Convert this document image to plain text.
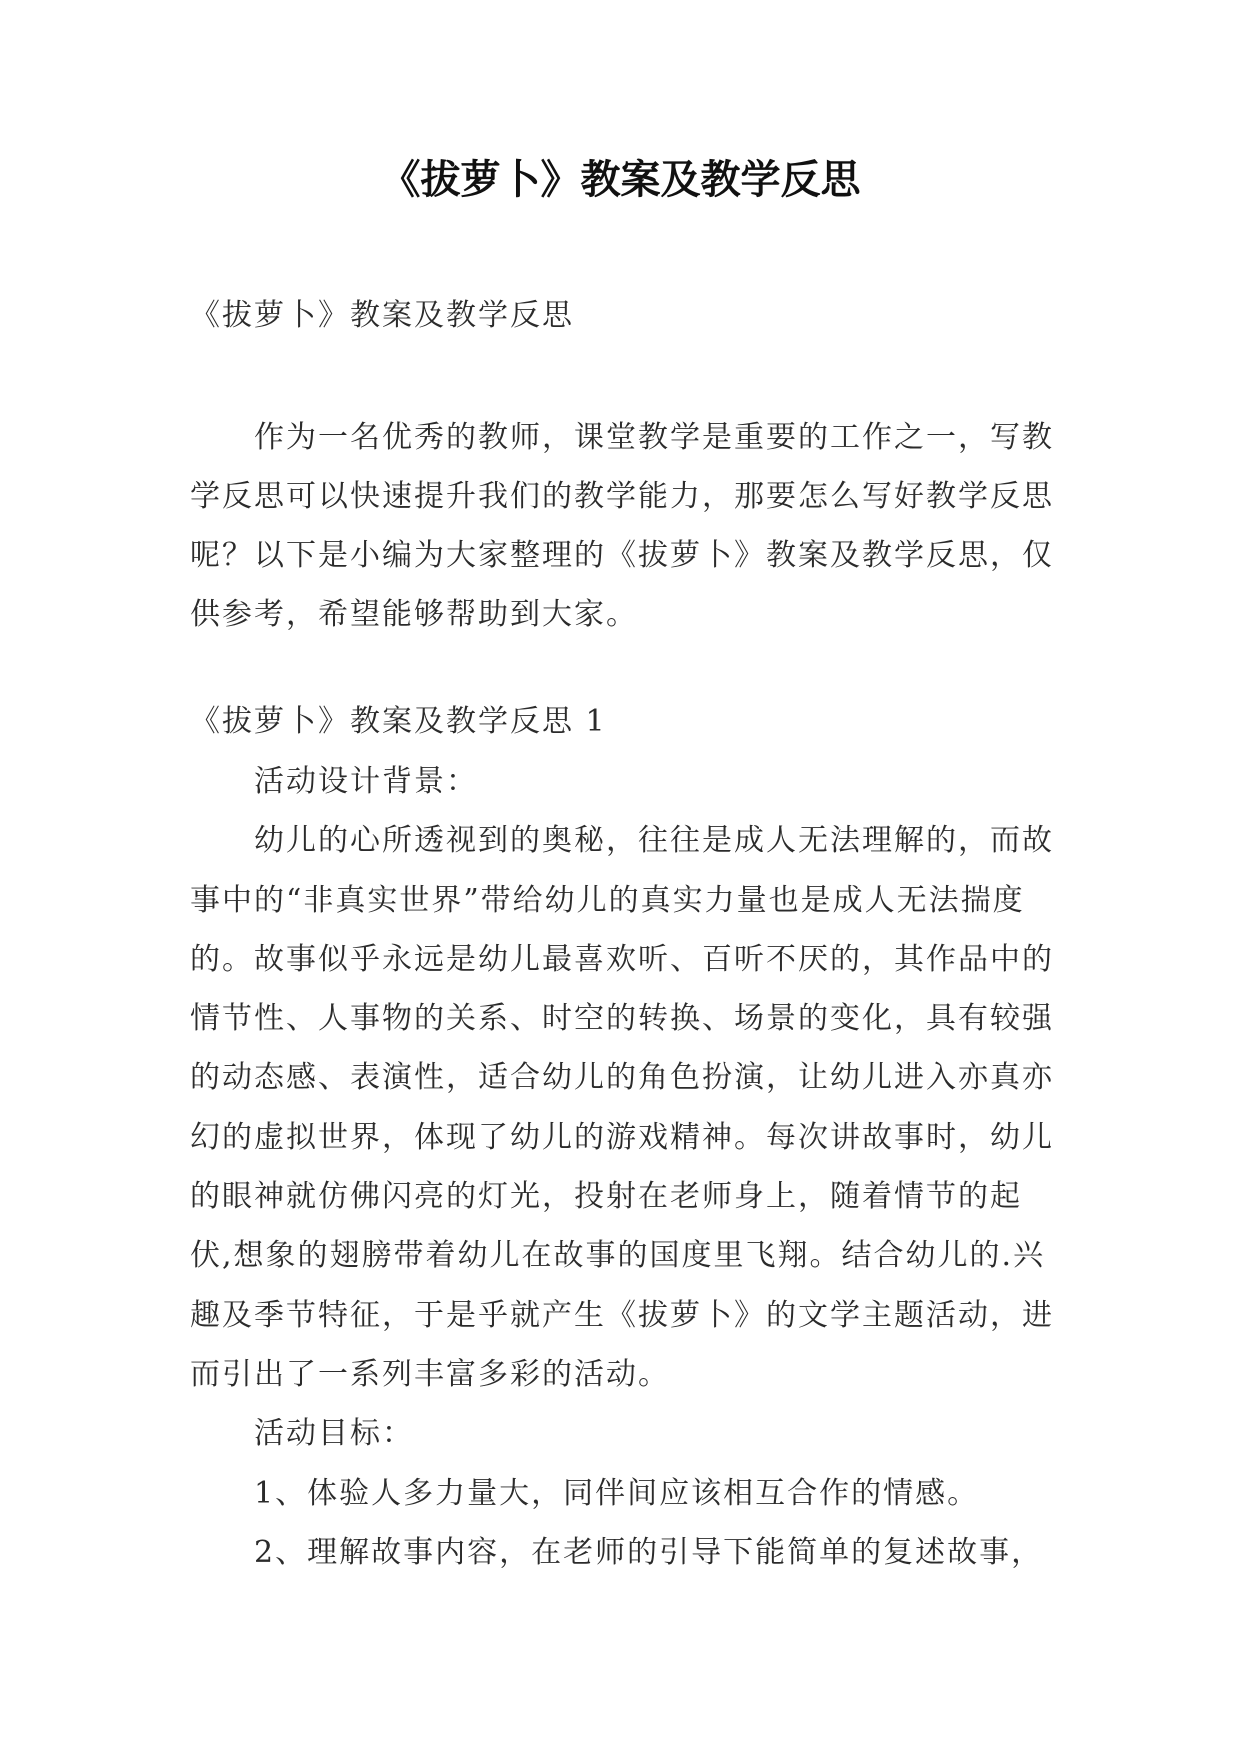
《拔萝卜》教案及教学反思

《拔萝卜》教案及教学反思

作为一名优秀的教师，课堂教学是重要的工作之一，写教学反思可以快速提升我们的教学能力，那要怎么写好教学反思呢？以下是小编为大家整理的《拔萝卜》教案及教学反思，仅供参考，希望能够帮助到大家。

《拔萝卜》教案及教学反思 1

活动设计背景：

幼儿的心所透视到的奥秘，往往是成人无法理解的，而故事中的“非真实世界”带给幼儿的真实力量也是成人无法揣度的。故事似乎永远是幼儿最喜欢听、百听不厌的，其作品中的情节性、人事物的关系、时空的转换、场景的变化，具有较强的动态感、表演性，适合幼儿的角色扮演，让幼儿进入亦真亦幻的虚拟世界，体现了幼儿的游戏精神。每次讲故事时，幼儿的眼神就仿佛闪亮的灯光，投射在老师身上，随着情节的起伏,想象的翅膀带着幼儿在故事的国度里飞翔。结合幼儿的.兴趣及季节特征，于是乎就产生《拔萝卜》的文学主题活动，进而引出了一系列丰富多彩的活动。

活动目标：

1、体验人多力量大，同伴间应该相互合作的情感。

2、理解故事内容，在老师的引导下能简单的复述故事，
